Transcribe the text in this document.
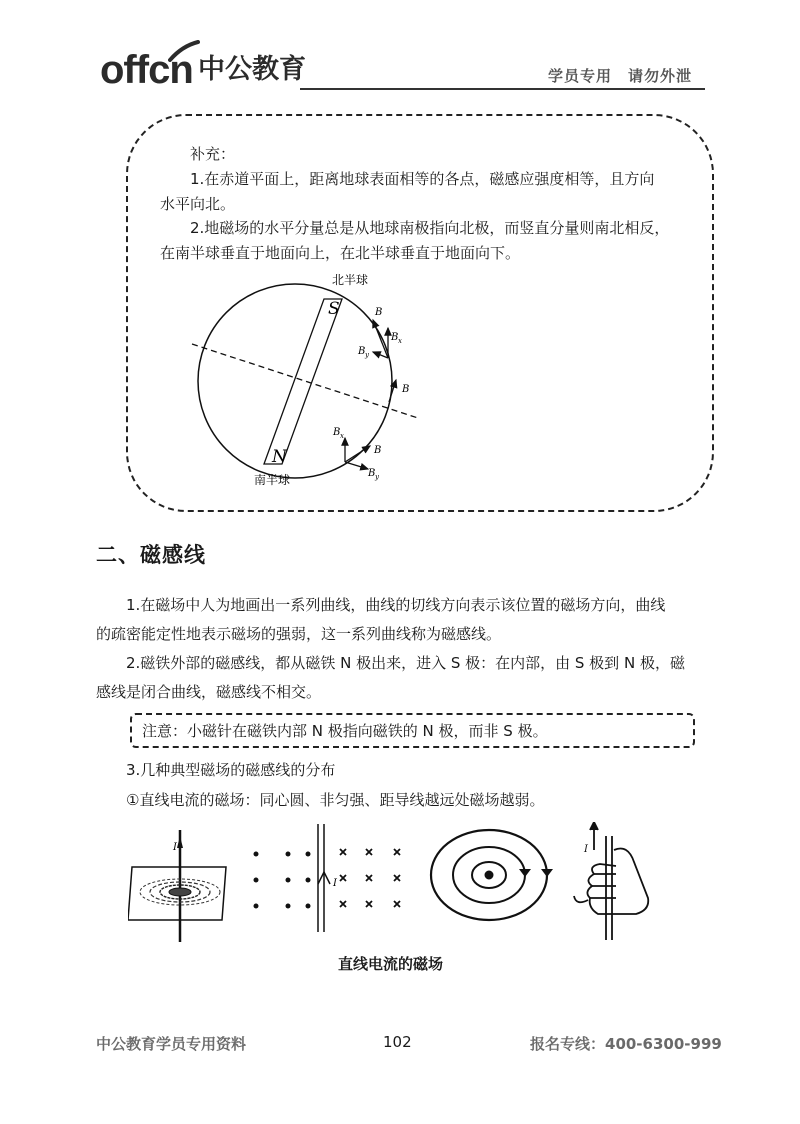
offcn 中公教育	学员专用　请勿外泄
补充：
1.在赤道平面上，距离地球表面相等的各点，磁感应强度相等，且方向
水平向北。
2.地磁场的水平分量总是从地球南极指向北极，而竖直分量则南北相反，
在南半球垂直于地面向上，在北半球垂直于地面向下。
S
N
北半球
南半球
B
B x
B y
B
B x
B
B y
二、磁感线
1.在磁场中人为地画出一系列曲线，曲线的切线方向表示该位置的磁场方向，曲线
的疏密能定性地表示磁场的强弱，这一系列曲线称为磁感线。
2.磁铁外部的磁感线，都从磁铁 N 极出来，进入 S 极：在内部，由 S 极到 N 极，磁
感线是闭合曲线，磁感线不相交。
注意：小磁针在磁铁内部 N 极指向磁铁的 N 极，而非 S 极。
3.几种典型磁场的磁感线的分布
①直线电流的磁场：同心圆、非匀强、距导线越远处磁场越弱。
I
I
I
直线电流的磁场
中公教育学员专用资料	102	报名专线：400-6300-999
